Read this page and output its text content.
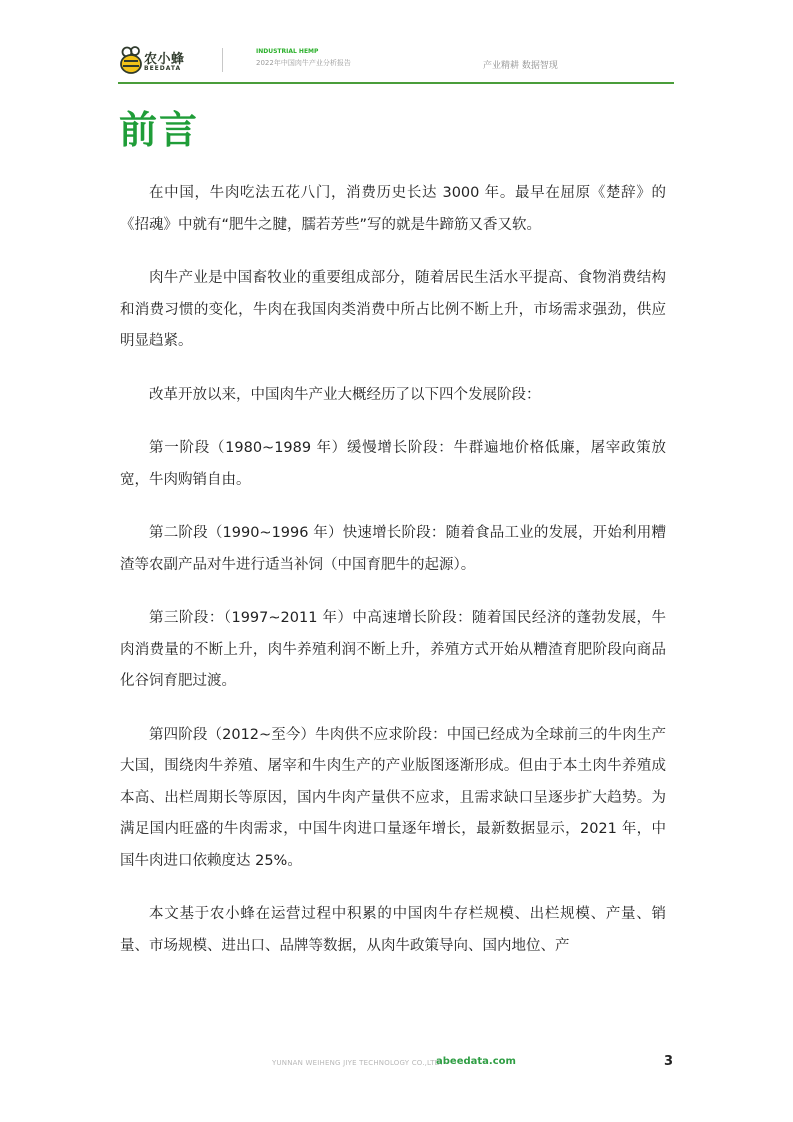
农小蜂
BEEDATA
INDUSTRIAL HEMP
2022年中国肉牛产业分析报告	产业精耕 数据智现
前言

在中国，牛肉吃法五花八门，消费历史长达 3000 年。最早在屈原《楚辞》的《招魂》中就有“肥牛之腱，臑若芳些”写的就是牛蹄筋又香又软。

肉牛产业是中国畜牧业的重要组成部分，随着居民生活水平提高、食物消费结构和消费习惯的变化，牛肉在我国肉类消费中所占比例不断上升，市场需求强劲，供应明显趋紧。

改革开放以来，中国肉牛产业大概经历了以下四个发展阶段：

第一阶段（1980~1989 年）缓慢增长阶段：牛群遍地价格低廉，屠宰政策放宽，牛肉购销自由。

第二阶段（1990~1996 年）快速增长阶段：随着食品工业的发展，开始利用糟渣等农副产品对牛进行适当补饲（中国育肥牛的起源）。

第三阶段：（1997~2011 年）中高速增长阶段：随着国民经济的蓬勃发展，牛肉消费量的不断上升，肉牛养殖利润不断上升，养殖方式开始从糟渣育肥阶段向商品化谷饲育肥过渡。

第四阶段（2012~至今）牛肉供不应求阶段：中国已经成为全球前三的牛肉生产大国，围绕肉牛养殖、屠宰和牛肉生产的产业版图逐渐形成。但由于本土肉牛养殖成本高、出栏周期长等原因，国内牛肉产量供不应求，且需求缺口呈逐步扩大趋势。为满足国内旺盛的牛肉需求，中国牛肉进口量逐年增长，最新数据显示，2021 年，中国牛肉进口依赖度达 25%。

本文基于农小蜂在运营过程中积累的中国肉牛存栏规模、出栏规模、产量、销量、市场规模、进出口、品牌等数据，从肉牛政策导向、国内地位、产

YUNNAN WEIHENG JIYE TECHNOLOGY CO.,LTD.
abeedata.com	3
